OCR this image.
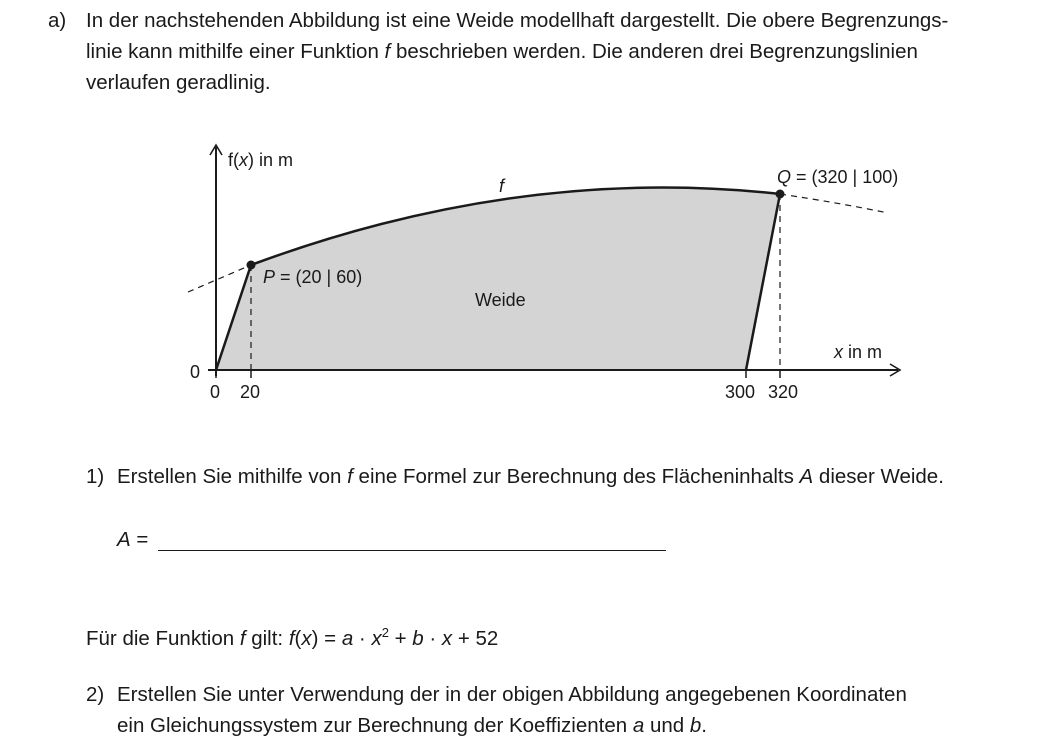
a) In der nachstehenden Abbildung ist eine Weide modellhaft dargestellt. Die obere Begrenzungs-
linie kann mithilfe einer Funktion f beschrieben werden. Die anderen drei Begrenzungslinien
verlaufen geradlinig.
f(x) in m
f
P = (20 | 60)
Q = (320 | 100)
Weide
x in m
0
0 20	300 320
1) Erstellen Sie mithilfe von f eine Formel zur Berechnung des Flächeninhalts A dieser Weide.
A =
Für die Funktion f gilt: $f(x) = a \cdot x^2 + b \cdot x + 52$
2) Erstellen Sie unter Verwendung der in der obigen Abbildung angegebenen Koordinaten
ein Gleichungssystem zur Berechnung der Koeffizienten a und b.
